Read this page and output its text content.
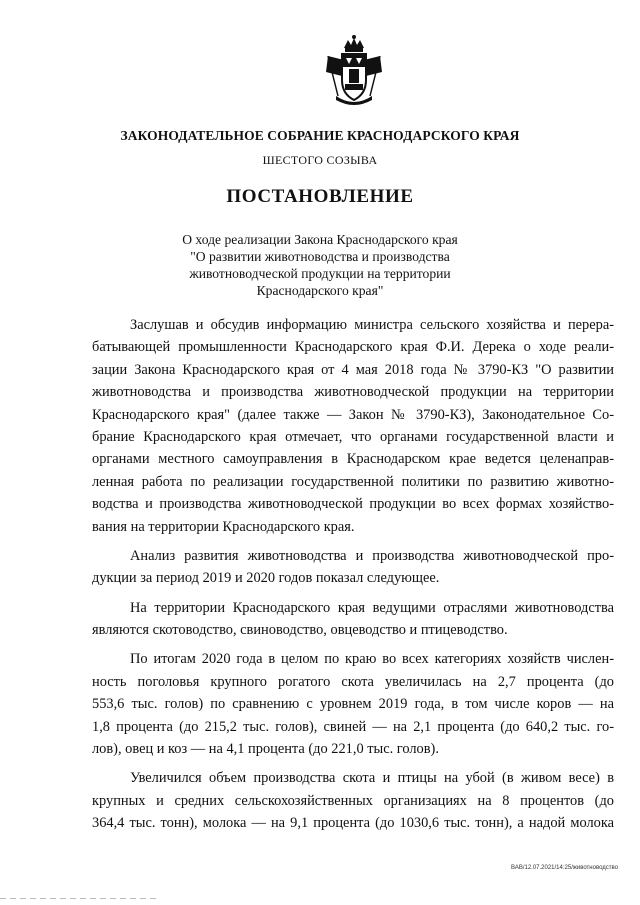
ЗАКОНОДАТЕЛЬНОЕ СОБРАНИЕ КРАСНОДАРСКОГО КРАЯ
ШЕСТОГО СОЗЫВА
ПОСТАНОВЛЕНИЕ
О ходе реализации Закона Краснодарского края
"О развитии животноводства и производства
животноводческой продукции на территории
Краснодарского края"
Заслушав и обсудив информацию министра сельского хозяйства и перера-
батывающей промышленности Краснодарского края Ф.И. Дерека о ходе реали-
зации Закона Краснодарского края от 4 мая 2018 года № 3790-КЗ "О развитии
животноводства и производства животноводческой продукции на территории
Краснодарского края" (далее также — Закон № 3790-КЗ), Законодательное Со-
брание Краснодарского края отмечает, что органами государственной власти и
органами местного самоуправления в Краснодарском крае ведется целенаправ-
ленная работа по реализации государственной политики по развитию животно-
водства и производства животноводческой продукции во всех формах хозяйство-
вания на территории Краснодарского края.
Анализ развития животноводства и производства животноводческой про-
дукции за период 2019 и 2020 годов показал следующее.
На территории Краснодарского края ведущими отраслями животноводства
являются скотоводство, свиноводство, овцеводство и птицеводство.
По итогам 2020 года в целом по краю во всех категориях хозяйств числен-
ность поголовья крупного рогатого скота увеличилась на 2,7 процента (до
553,6 тыс. голов) по сравнению с уровнем 2019 года, в том числе коров — на
1,8 процента (до 215,2 тыс. голов), свиней — на 2,1 процента (до 640,2 тыс. го-
лов), овец и коз — на 4,1 процента (до 221,0 тыс. голов).
Увеличился объем производства скота и птицы на убой (в живом весе) в
крупных и средних сельскохозяйственных организациях на 8 процентов (до
364,4 тыс. тонн), молока — на 9,1 процента (до 1030,6 тыс. тонн), а надой молока
ВАВ/12.07.2021/14:25/животноводство
